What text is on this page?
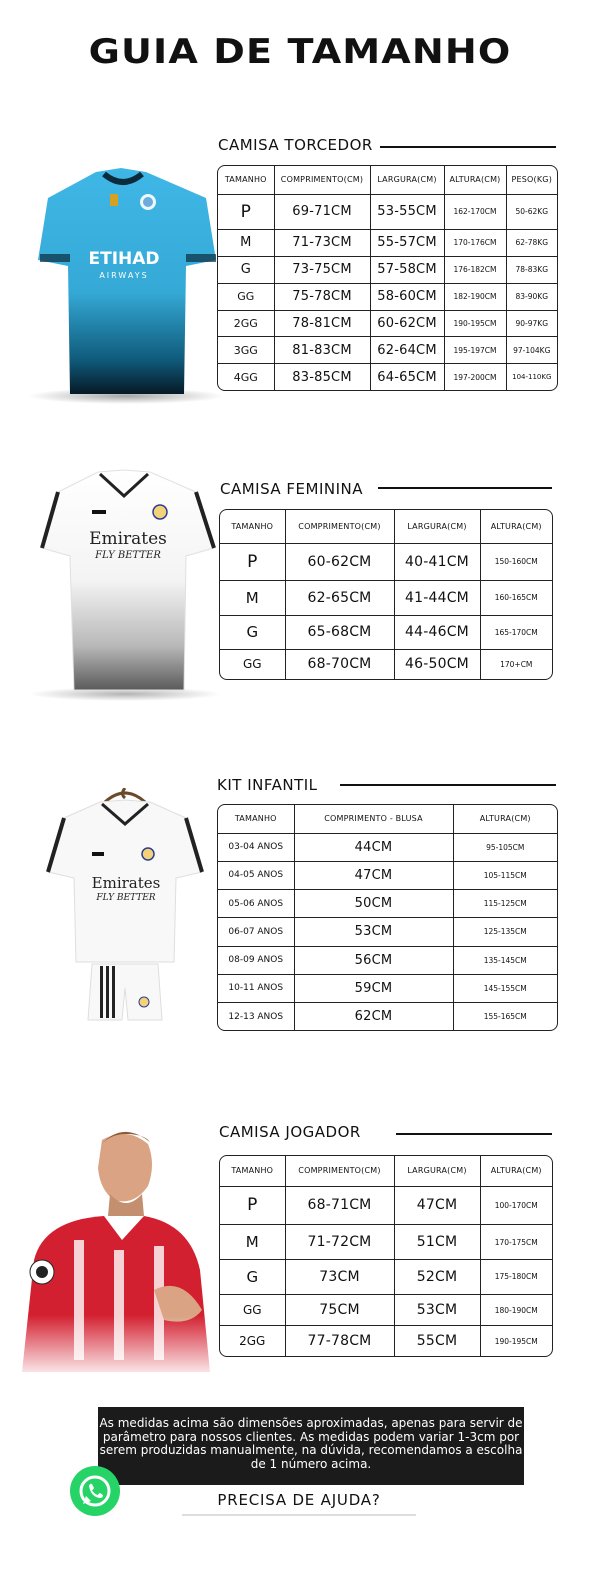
GUIA DE TAMANHO
CAMISA TORCEDOR
ETIHAD
AIRWAYS
TAMANHO	COMPRIMENTO(CM)	LARGURA(CM)	ALTURA(CM)	PESO(KG)
P	69-71CM	53-55CM	162-170CM	50-62KG
M	71-73CM	55-57CM	170-176CM	62-78KG
G	73-75CM	57-58CM	176-182CM	78-83KG
GG	75-78CM	58-60CM	182-190CM	83-90KG
2GG	78-81CM	60-62CM	190-195CM	90-97KG
3GG	81-83CM	62-64CM	195-197CM	97-104KG
4GG	83-85CM	64-65CM	197-200CM	104-110KG
CAMISA FEMININA
Emirates
FLY BETTER
TAMANHO	COMPRIMENTO(CM)	LARGURA(CM)	ALTURA(CM)
P	60-62CM	40-41CM	150-160CM
M	62-65CM	41-44CM	160-165CM
G	65-68CM	44-46CM	165-170CM
GG	68-70CM	46-50CM	170+CM
KIT INFANTIL
Emirates
FLY BETTER
TAMANHO	COMPRIMENTO - BLUSA	ALTURA(CM)
03-04 ANOS	44CM	95-105CM
04-05 ANOS	47CM	105-115CM
05-06 ANOS	50CM	115-125CM
06-07 ANOS	53CM	125-135CM
08-09 ANOS	56CM	135-145CM
10-11 ANOS	59CM	145-155CM
12-13 ANOS	62CM	155-165CM
CAMISA JOGADOR
TAMANHO	COMPRIMENTO(CM)	LARGURA(CM)	ALTURA(CM)
P	68-71CM	47CM	100-170CM
M	71-72CM	51CM	170-175CM
G	73CM	52CM	175-180CM
GG	75CM	53CM	180-190CM
2GG	77-78CM	55CM	190-195CM
As medidas acima são dimensões aproximadas, apenas para servir de parâmetro para nossos clientes. As medidas podem variar 1-3cm por serem produzidas manualmente, na dúvida, recomendamos a escolha de 1 número acima.
PRECISA DE AJUDA?
